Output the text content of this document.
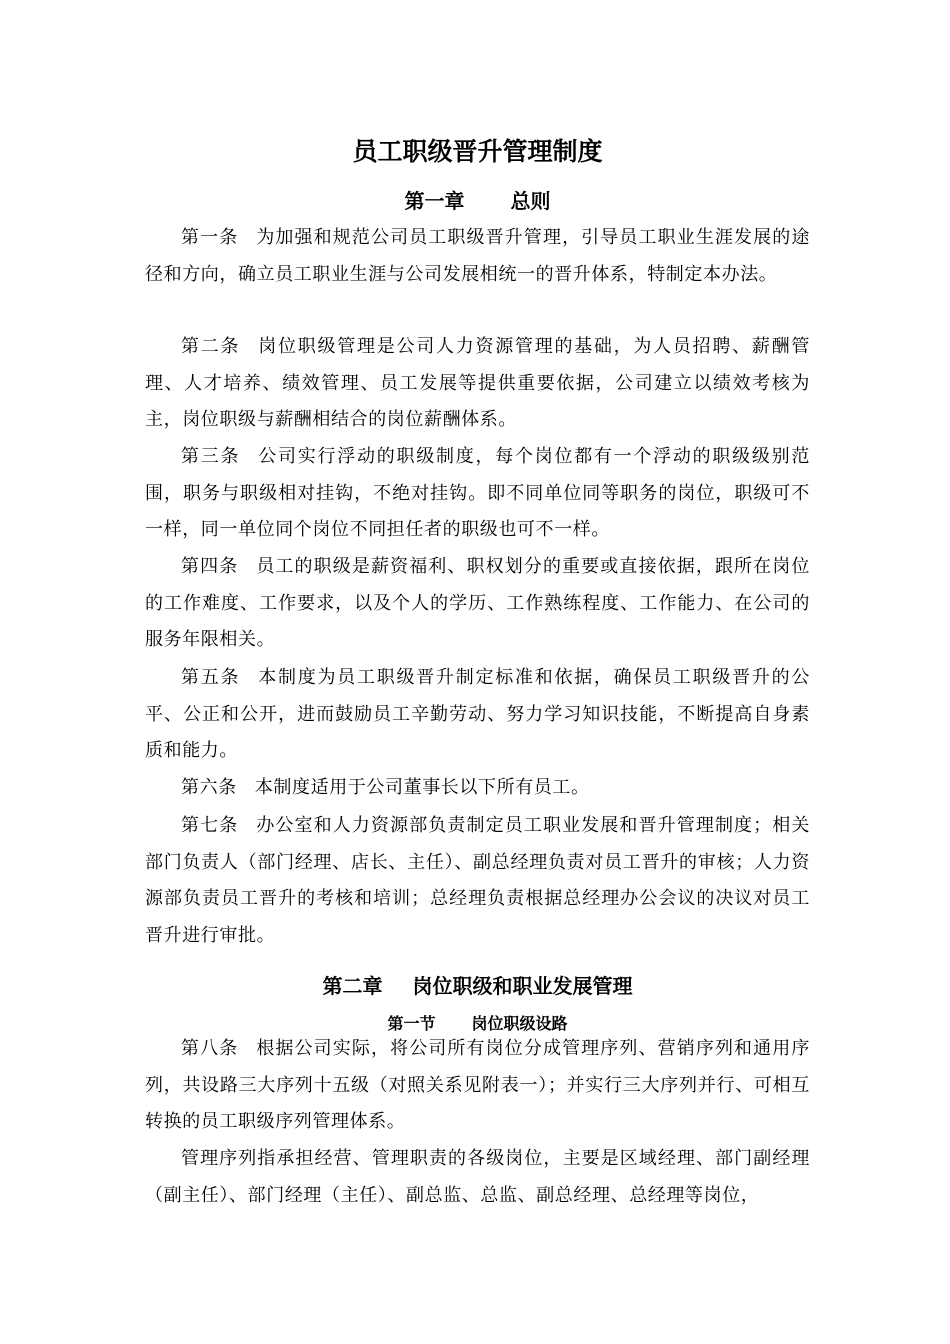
员工职级晋升管理制度
第一章 总则

第一条 为加强和规范公司员工职级晋升管理，引导员工职业生涯发展的途径和方向，确立员工职业生涯与公司发展相统一的晋升体系，特制定本办法。

第二条 岗位职级管理是公司人力资源管理的基础，为人员招聘、薪酬管理、人才培养、绩效管理、员工发展等提供重要依据，公司建立以绩效考核为主，岗位职级与薪酬相结合的岗位薪酬体系。

第三条 公司实行浮动的职级制度，每个岗位都有一个浮动的职级级别范围，职务与职级相对挂钩，不绝对挂钩。即不同单位同等职务的岗位，职级可不一样，同一单位同个岗位不同担任者的职级也可不一样。

第四条 员工的职级是薪资福利、职权划分的重要或直接依据，跟所在岗位的工作难度、工作要求，以及个人的学历、工作熟练程度、工作能力、在公司的服务年限相关。

第五条 本制度为员工职级晋升制定标准和依据，确保员工职级晋升的公平、公正和公开，进而鼓励员工辛勤劳动、努力学习知识技能，不断提高自身素质和能力。

第六条 本制度适用于公司董事长以下所有员工。

第七条 办公室和人力资源部负责制定员工职业发展和晋升管理制度；相关部门负责人（部门经理、店长、主任）、副总经理负责对员工晋升的审核；人力资源部负责员工晋升的考核和培训；总经理负责根据总经理办公会议的决议对员工晋升进行审批。

第二章 岗位职级和职业发展管理
第一节 岗位职级设路

第八条 根据公司实际，将公司所有岗位分成管理序列、营销序列和通用序列，共设路三大序列十五级（对照关系见附表一）；并实行三大序列并行、可相互转换的员工职级序列管理体系。

管理序列指承担经营、管理职责的各级岗位，主要是区域经理、部门副经理（副主任）、部门经理（主任）、副总监、总监、副总经理、总经理等岗位，
